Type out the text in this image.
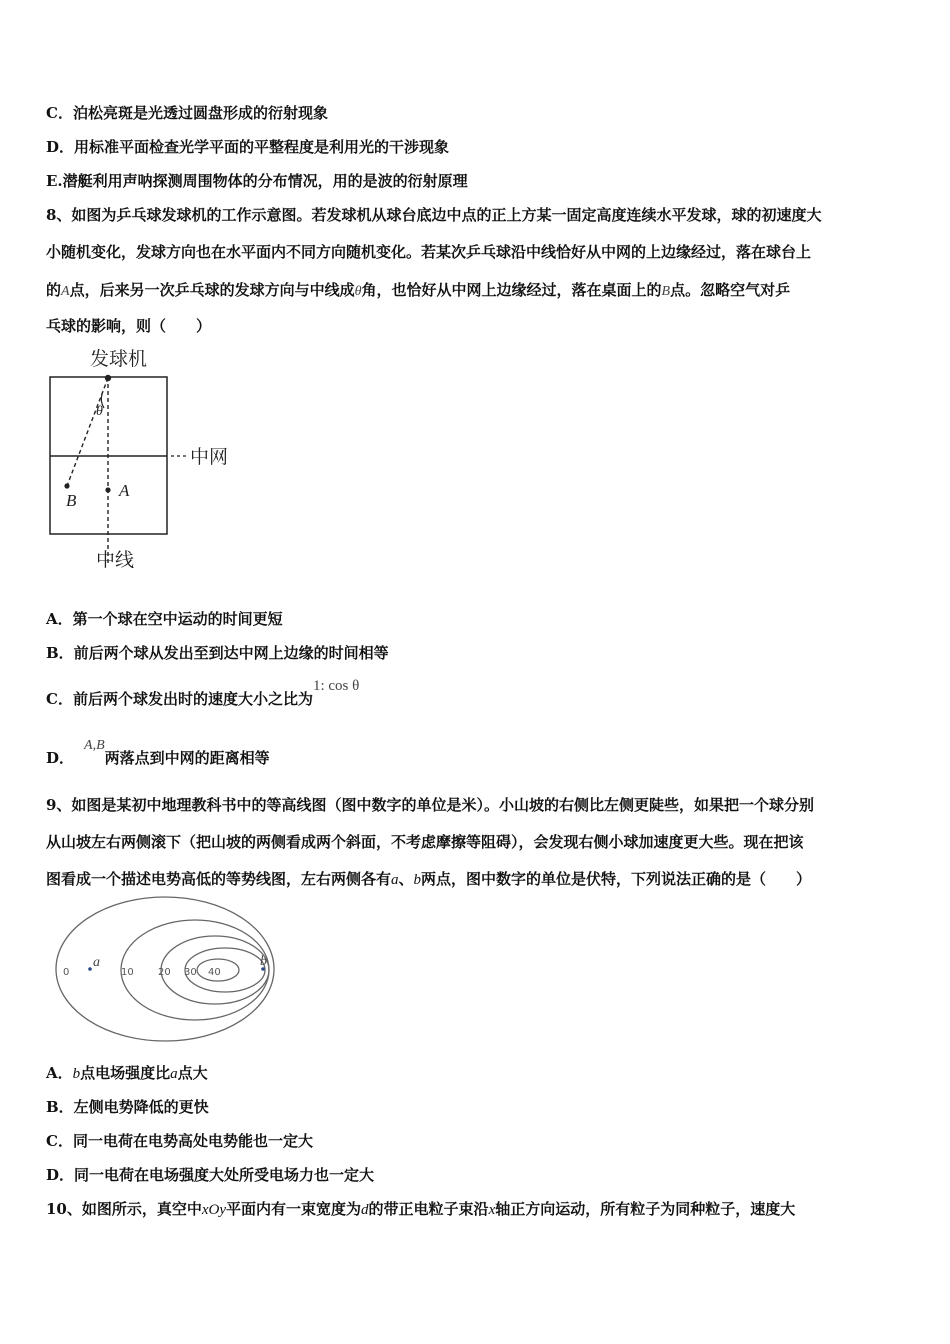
C．泊松亮斑是光透过圆盘形成的衍射现象
D．用标准平面检查光学平面的平整程度是利用光的干涉现象
E.潜艇利用声呐探测周围物体的分布情况，用的是波的衍射原理
8、如图为乒乓球发球机的工作示意图。若发球机从球台底边中点的正上方某一固定高度连续水平发球，球的初速度大
小随机变化，发球方向也在水平面内不同方向随机变化。若某次乒乓球沿中线恰好从中网的上边缘经过，落在球台上
的A点，后来另一次乒乓球的发球方向与中线成θ角，也恰好从中网上边缘经过，落在桌面上的B点。忽略空气对乒
乓球的影响，则（　　）
发球机
中网
θ
A
B
中线
A．第一个球在空中运动的时间更短
B．前后两个球从发出至到达中网上边缘的时间相等
C．前后两个球发出时的速度大小之比为1: cos θ
D．A,B两落点到中网的距离相等
9、如图是某初中地理教科书中的等高线图（图中数字的单位是米）。小山坡的右侧比左侧更陡些，如果把一个球分别
从山坡左右两侧滚下（把山坡的两侧看成两个斜面，不考虑摩擦等阻碍），会发现右侧小球加速度更大些。现在把该
图看成一个描述电势高低的等势线图，左右两侧各有a、b两点，图中数字的单位是伏特，下列说法正确的是（　　）
0	10 20 30 40
a	b
A．b点电场强度比a点大
B．左侧电势降低的更快
C．同一电荷在电势高处电势能也一定大
D．同一电荷在电场强度大处所受电场力也一定大
10、如图所示，真空中xOy平面内有一束宽度为d的带正电粒子束沿x轴正方向运动，所有粒子为同种粒子，速度大
